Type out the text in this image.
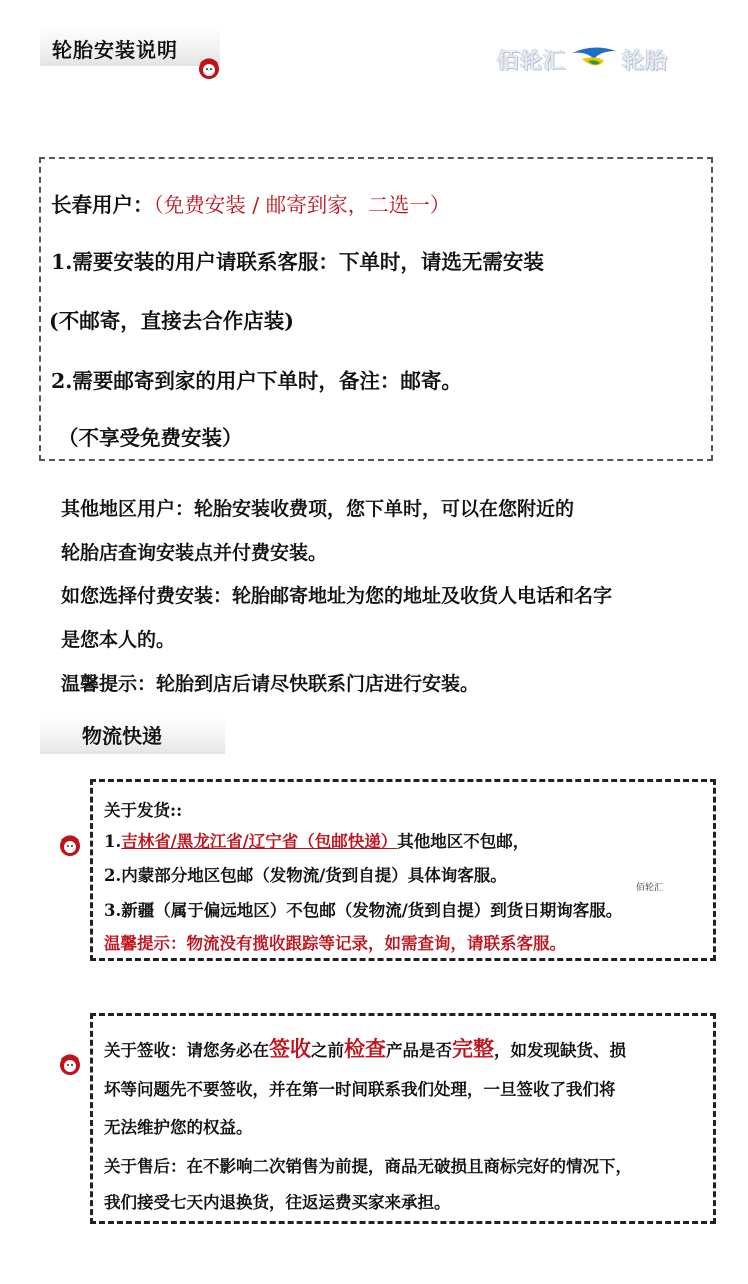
轮胎安装说明	佰轮汇	轮胎
长春用户：（免费安装 / 邮寄到家，二选一）
1.需要安装的用户请联系客服：下单时，请选无需安装
(不邮寄，直接去合作店装)
2.需要邮寄到家的用户下单时，备注：邮寄。
（不享受免费安装）
其他地区用户：轮胎安装收费项，您下单时，可以在您附近的
轮胎店查询安装点并付费安装。
如您选择付费安装：轮胎邮寄地址为您的地址及收货人电话和名字
是您本人的。
温馨提示：轮胎到店后请尽快联系门店进行安装。
物流快递
关于发货::
1.吉林省/黑龙江省/辽宁省（包邮快递）其他地区不包邮，
2.内蒙部分地区包邮（发物流/货到自提）具体询客服。
佰轮汇
3.新疆（属于偏远地区）不包邮（发物流/货到自提）到货日期询客服。
温馨提示：物流没有揽收跟踪等记录，如需查询，请联系客服。
关于签收：请您务必在签收之前检查产品是否完整，如发现缺货、损
坏等问题先不要签收，并在第一时间联系我们处理，一旦签收了我们将
无法维护您的权益。
关于售后：在不影响二次销售为前提，商品无破损且商标完好的情况下，
我们接受七天内退换货，往返运费买家来承担。
